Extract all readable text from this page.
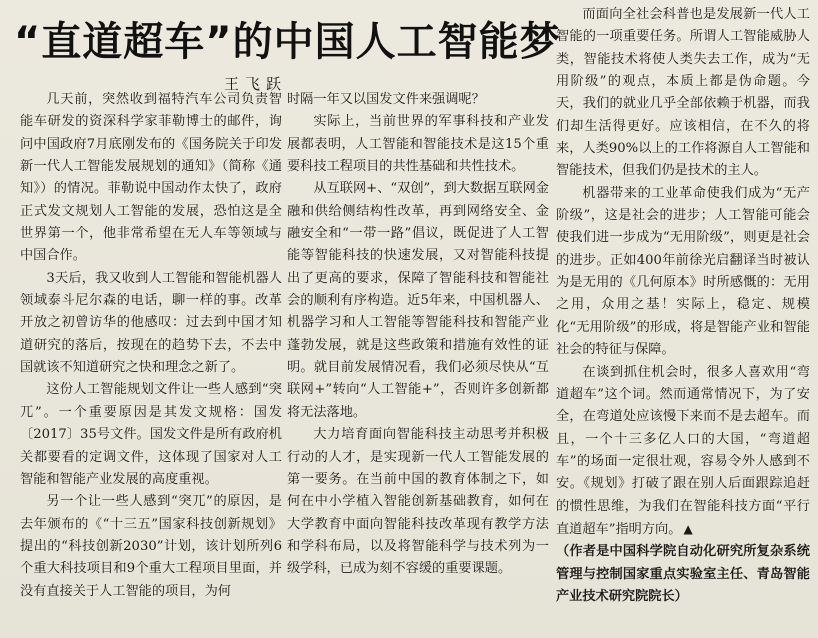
“直道超车”的中国人工智能梦
王飞跃

几天前，突然收到福特汽车公司负责智能车研发的资深科学家菲勒博士的邮件，询问中国政府7月底刚发布的《国务院关于印发新一代人工智能发展规划的通知》（简称《通知》）的情况。菲勒说中国动作太快了，政府正式发文规划人工智能的发展，恐怕这是全世界第一个，他非常希望在无人车等领域与中国合作。

3天后，我又收到人工智能和智能机器人领域泰斗尼尔森的电话，聊一样的事。改革开放之初曾访华的他感叹：过去到中国才知道研究的落后，按现在的趋势下去，不去中国就该不知道研究之快和理念之新了。

这份人工智能规划文件让一些人感到“突兀”。一个重要原因是其发文规格：国发〔2017〕35号文件。国发文件是所有政府机关都要看的定调文件，这体现了国家对人工智能和智能产业发展的高度重视。

另一个让一些人感到“突兀”的原因，是去年颁布的《“十三五”国家科技创新规划》提出的“科技创新2030”计划，该计划所列6个重大科技项目和9个重大工程项目里面，并没有直接关于人工智能的项目，为何

时隔一年又以国发文件来强调呢？

实际上，当前世界的军事科技和产业发展都表明，人工智能和智能技术是这15个重要科技工程项目的共性基础和共性技术。

从互联网+、“双创”，到大数据互联网金融和供给侧结构性改革，再到网络安全、金融安全和“一带一路”倡议，既促进了人工智能等智能科技的快速发展，又对智能科技提出了更高的要求，保障了智能科技和智能社会的顺利有序构造。近5年来，中国机器人、机器学习和人工智能等智能科技和智能产业蓬勃发展，就是这些政策和措施有效性的证明。就目前发展情况看，我们必须尽快从“互联网+”转向“人工智能+”，否则许多创新都将无法落地。

大力培育面向智能科技主动思考并积极行动的人才，是实现新一代人工智能发展的第一要务。在当前中国的教育体制之下，如何在中小学植入智能创新基础教育，如何在大学教育中面向智能科技改革现有教学方法和学科布局，以及将智能科学与技术列为一级学科，已成为刻不容缓的重要课题。

而面向全社会科普也是发展新一代人工智能的一项重要任务。所谓人工智能威胁人类，智能技术将使人类失去工作，成为“无用阶级”的观点，本质上都是伪命题。今天，我们的就业几乎全部依赖于机器，而我们却生活得更好。应该相信，在不久的将来，人类90%以上的工作将源自人工智能和智能技术，但我们仍是技术的主人。

机器带来的工业革命使我们成为“无产阶级”，这是社会的进步；人工智能可能会使我们进一步成为“无用阶级”，则更是社会的进步。正如400年前徐光启翻译当时被认为是无用的《几何原本》时所感慨的：无用之用，众用之基！实际上，稳定、规模化“无用阶级”的形成，将是智能产业和智能社会的特征与保障。

在谈到抓住机会时，很多人喜欢用“弯道超车”这个词。然而通常情况下，为了安全，在弯道处应该慢下来而不是去超车。而且，一个十三多亿人口的大国，“弯道超车”的场面一定很壮观，容易令外人感到不安。《规划》打破了跟在别人后面跟踪追赶的惯性思维，为我们在智能科技方面“平行直道超车”指明方向。 ▲

（作者是中国科学院自动化研究所复杂系统管理与控制国家重点实验室主任、青岛智能产业技术研究院院长）
